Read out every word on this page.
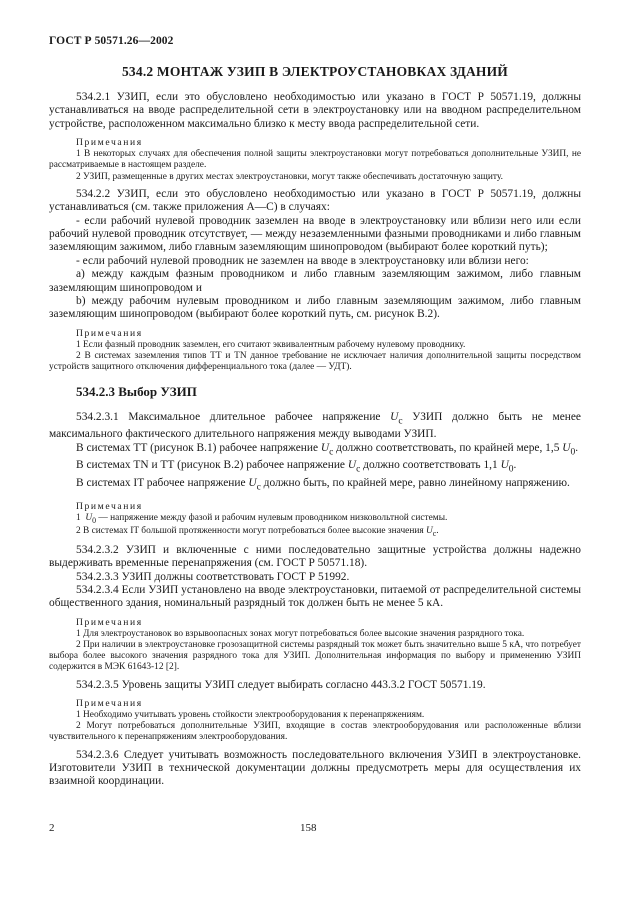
ГОСТ Р 50571.26—2002
534.2 МОНТАЖ УЗИП В ЭЛЕКТРОУСТАНОВКАХ ЗДАНИЙ

534.2.1 УЗИП, если это обусловлено необходимостью или указано в ГОСТ Р 50571.19, должны устанавливаться на вводе распределительной сети в электроустановку или на вводном распределительном устройстве, расположенном максимально близко к месту ввода распределительной сети.

Примечания

1 В некоторых случаях для обеспечения полной защиты электроустановки могут потребоваться дополнительные УЗИП, не рассматриваемые в настоящем разделе.

2 УЗИП, размещенные в других местах электроустановки, могут также обеспечивать достаточную защиту.

534.2.2 УЗИП, если это обусловлено необходимостью или указано в ГОСТ Р 50571.19, должны устанавливаться (см. также приложения А—С) в случаях:

- если рабочий нулевой проводник заземлен на вводе в электроустановку или вблизи него или если рабочий нулевой проводник отсутствует, — между незаземленными фазными проводниками и либо главным заземляющим зажимом, либо главным заземляющим шинопроводом (выбирают более короткий путь);

- если рабочий нулевой проводник не заземлен на вводе в электроустановку или вблизи него:

а) между каждым фазным проводником и либо главным заземляющим зажимом, либо главным заземляющим шинопроводом и

b) между рабочим нулевым проводником и либо главным заземляющим зажимом, либо главным заземляющим шинопроводом (выбирают более короткий путь, см. рисунок В.2).

Примечания

1 Если фазный проводник заземлен, его считают эквивалентным рабочему нулевому проводнику.

2 В системах заземления типов ТТ и TN данное требование не исключает наличия дополнительной защиты посредством устройств защитного отключения дифференциального тока (далее — УДТ).

534.2.3 Выбор УЗИП

534.2.3.1 Максимальное длительное рабочее напряжение $U_c$ УЗИП должно быть не менее максимального фактического длительного напряжения между выводами УЗИП.

В системах ТТ (рисунок В.1) рабочее напряжение $U_c$ должно соответствовать, по крайней мере, 1,5 $U_0$.

В системах TN и ТТ (рисунок В.2) рабочее напряжение $U_c$ должно соответствовать 1,1 $U_0$.

В системах IT рабочее напряжение $U_c$ должно быть, по крайней мере, равно линейному напряжению.

Примечания

1 $U_0$ — напряжение между фазой и рабочим нулевым проводником низковольтной системы.

2 В системах IT большой протяженности могут потребоваться более высокие значения $U_c$.

534.2.3.2 УЗИП и включенные с ними последовательно защитные устройства должны надежно выдерживать временные перенапряжения (см. ГОСТ Р 50571.18).

534.2.3.3 УЗИП должны соответствовать ГОСТ Р 51992.

534.2.3.4 Если УЗИП установлено на вводе электроустановки, питаемой от распределительной системы общественного здания, номинальный разрядный ток должен быть не менее 5 кА.

Примечания

1 Для электроустановок во взрывоопасных зонах могут потребоваться более высокие значения разрядного тока.

2 При наличии в электроустановке грозозащитной системы разрядный ток может быть значительно выше 5 кА, что потребует выбора более высокого значения разрядного тока для УЗИП. Дополнительная информация по выбору и применению УЗИП содержится в МЭК 61643-12 [2].

534.2.3.5 Уровень защиты УЗИП следует выбирать согласно 443.3.2 ГОСТ 50571.19.

Примечания

1 Необходимо учитывать уровень стойкости электрооборудования к перенапряжениям.

2 Могут потребоваться дополнительные УЗИП, входящие в состав электрооборудования или расположенные вблизи чувствительного к перенапряжениям электрооборудования.

534.2.3.6 Следует учитывать возможность последовательного включения УЗИП в электроустановке. Изготовители УЗИП в технической документации должны предусмотреть меры для осуществления их взаимной координации.

2	158
